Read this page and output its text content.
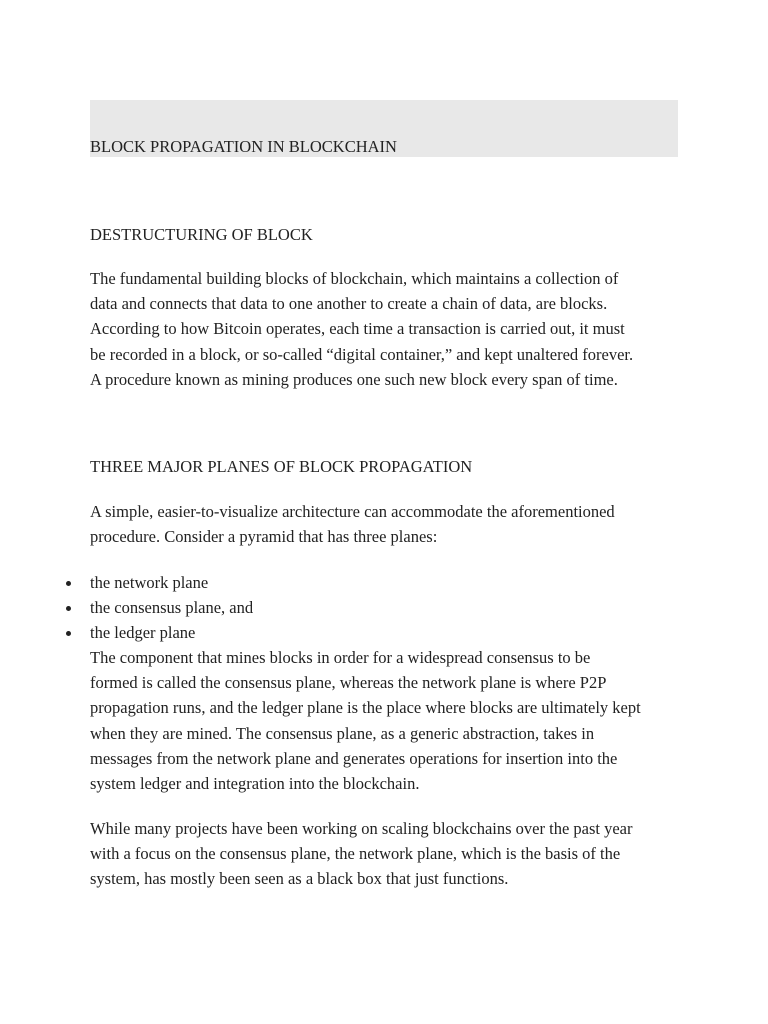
BLOCK PROPAGATION IN BLOCKCHAIN
DESTRUCTURING OF BLOCK

The fundamental building blocks of blockchain, which maintains a collection of
data and connects that data to one another to create a chain of data, are blocks.
According to how Bitcoin operates, each time a transaction is carried out, it must
be recorded in a block, or so-called “digital container,” and kept unaltered forever.
A procedure known as mining produces one such new block every span of time.

THREE MAJOR PLANES OF BLOCK PROPAGATION

A simple, easier-to-visualize architecture can accommodate the aforementioned
procedure. Consider a pyramid that has three planes:

the network plane
the consensus plane, and
the ledger plane

The component that mines blocks in order for a widespread consensus to be
formed is called the consensus plane, whereas the network plane is where P2P
propagation runs, and the ledger plane is the place where blocks are ultimately kept
when they are mined. The consensus plane, as a generic abstraction, takes in
messages from the network plane and generates operations for insertion into the
system ledger and integration into the blockchain.

While many projects have been working on scaling blockchains over the past year
with a focus on the consensus plane, the network plane, which is the basis of the
system, has mostly been seen as a black box that just functions.
